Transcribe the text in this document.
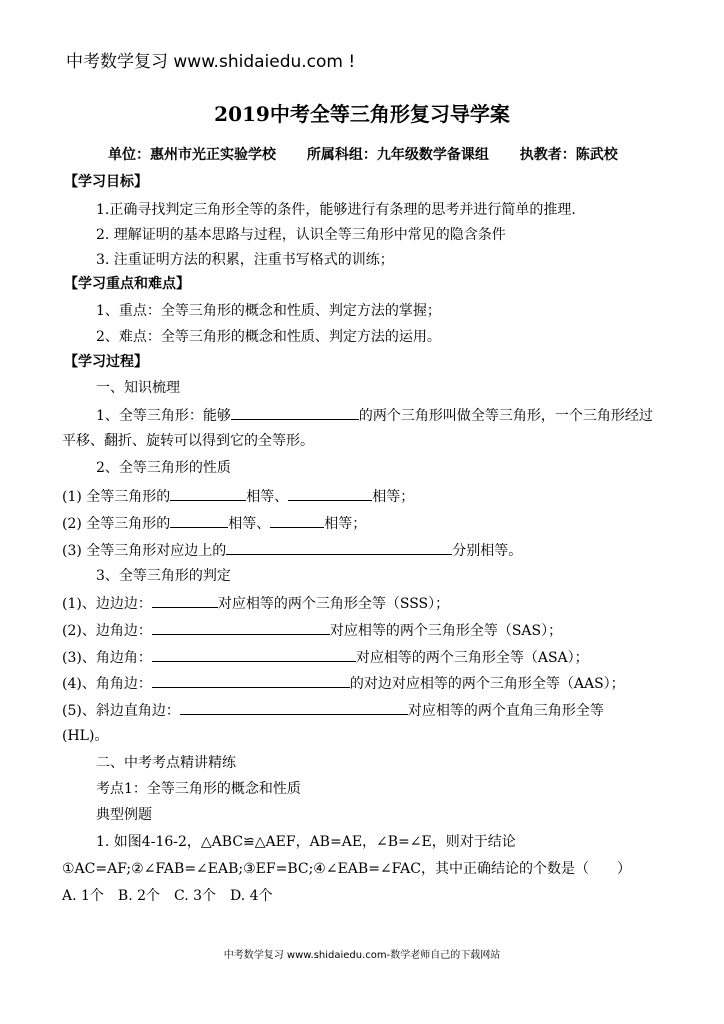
中考数学复习 www.shidaiedu.com !
2019中考全等三角形复习导学案
单位：惠州市光正实验学校 所属科组：九年级数学备课组 执教者：陈武校
【学习目标】
1.正确寻找判定三角形全等的条件，能够进行有条理的思考并进行简单的推理.
2. 理解证明的基本思路与过程，认识全等三角形中常见的隐含条件
3. 注重证明方法的积累，注重书写格式的训练；
【学习重点和难点】
1、重点：全等三角形的概念和性质、判定方法的掌握；
2、难点：全等三角形的概念和性质、判定方法的运用。
【学习过程】
一、知识梳理
1、全等三角形：能够	的两个三角形叫做全等三角形，一个三角形经过
平移、翻折、旋转可以得到它的全等形。
2、全等三角形的性质
(1) 全等三角形的	相等、	相等；
(2) 全等三角形的	相等、	相等；
(3) 全等三角形对应边上的	分别相等。
3、全等三角形的判定
(1)、边边边：	对应相等的两个三角形全等（SSS）；
(2)、边角边：	对应相等的两个三角形全等（SAS）；
(3)、角边角：	对应相等的两个三角形全等（ASA）；
(4)、角角边：	的对边对应相等的两个三角形全等（AAS）；
(5)、斜边直角边：	对应相等的两个直角三角形全等
(HL)。
二、中考考点精讲精练
考点1：全等三角形的概念和性质
典型例题
1. 如图4-16-2，△ABC≌△AEF，AB=AE，∠B=∠E，则对于结论
①AC=AF;②∠FAB=∠EAB;③EF=BC;④∠EAB=∠FAC，其中正确结论的个数是（　　）
A. 1个　B. 2个　C. 3个　D. 4个
中考数学复习 www.shidaiedu.com-数学老师自己的下载网站
